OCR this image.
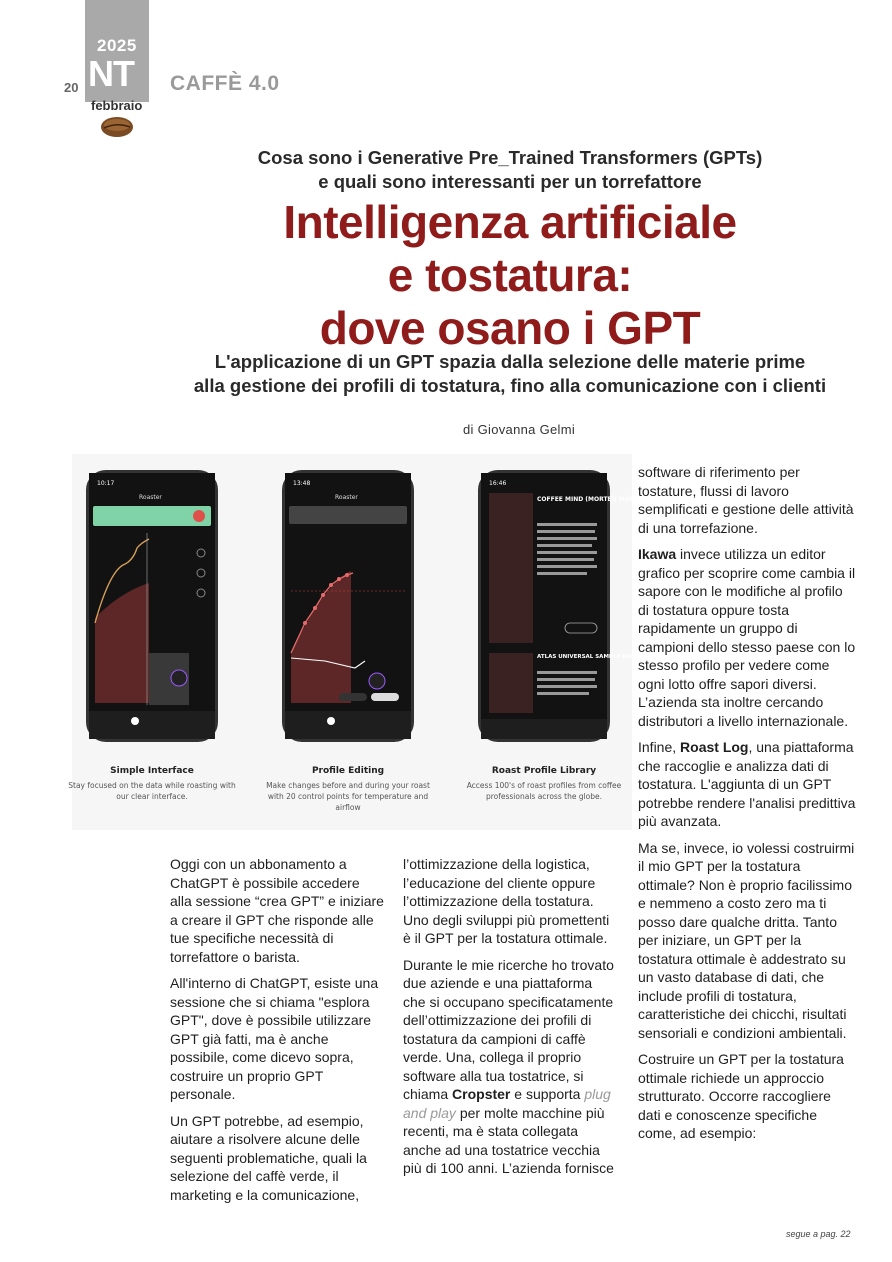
2025
NT
febbraio
20	CAFFÈ 4.0
Cosa sono i Generative Pre_Trained Transformers (GPTs)
e quali sono interessanti per un torrefattore
Intelligenza artificiale
e tostatura:
dove osano i GPT
L'applicazione di un GPT spazia dalla selezione delle materie prime
alla gestione dei profili di tostatura, fino alla comunicazione con i clienti
di Giovanna Gelmi
10:17
Roaster
Simple Interface
Stay focused on the data while roasting with our clear interface.
13:48
Roaster
Profile Editing
Make changes before and during your roast with 20 control points for temperature and airflow
16:46
COFFEE MIND (MORTEN MÜNCHOW)
ATLAS UNIVERSAL SAMPLE ROAST
Roast Profile Library
Access 100's of roast profiles from coffee professionals across the globe.

Oggi con un abbonamento a ChatGPT è possibile accedere alla sessione “crea GPT” e iniziare a creare il GPT che risponde alle tue specifiche necessità di torrefattore o barista.

All'interno di ChatGPT, esiste una sessione che si chiama "esplora GPT", dove è possibile utilizzare GPT già fatti, ma è anche possibile, come dicevo sopra, costruire un proprio GPT personale.

Un GPT potrebbe, ad esempio, aiutare a risolvere alcune delle seguenti problematiche, quali la selezione del caffè verde, il marketing e la comunicazione,

l’ottimizzazione della logistica, l’educazione del cliente oppure l’ottimizzazione della tostatura. Uno degli sviluppi più promettenti è il GPT per la tostatura ottimale.

Durante le mie ricerche ho trovato due aziende e una piattaforma che si occupano specificatamente dell’ottimizzazione dei profili di tostatura da campioni di caffè verde. Una, collega il proprio software alla tua tostatrice, si chiama Cropster e supporta plug and play per molte macchine più recenti, ma è stata collegata anche ad una tostatrice vecchia più di 100 anni. L’azienda fornisce

software di riferimento per tostature, flussi di lavoro semplificati e gestione delle attività di una torrefazione.

Ikawa invece utilizza un editor grafico per scoprire come cambia il sapore con le modifiche al profilo di tostatura oppure tosta rapidamente un gruppo di campioni dello stesso paese con lo stesso profilo per vedere come ogni lotto offre sapori diversi. L’azienda sta inoltre cercando distributori a livello internazionale.

Infine, Roast Log, una piattaforma che raccoglie e analizza dati di tostatura. L'aggiunta di un GPT potrebbe rendere l'analisi predittiva più avanzata.

Ma se, invece, io volessi costruirmi il mio GPT per la tostatura ottimale? Non è proprio facilissimo e nemmeno a costo zero ma ti posso dare qualche dritta. Tanto per iniziare, un GPT per la tostatura ottimale è addestrato su un vasto database di dati, che include profili di tostatura, caratteristiche dei chicchi, risultati sensoriali e condizioni ambientali.

Costruire un GPT per la tostatura ottimale richiede un approccio strutturato. Occorre raccogliere dati e conoscenze specifiche come, ad esempio:

segue a pag. 22
